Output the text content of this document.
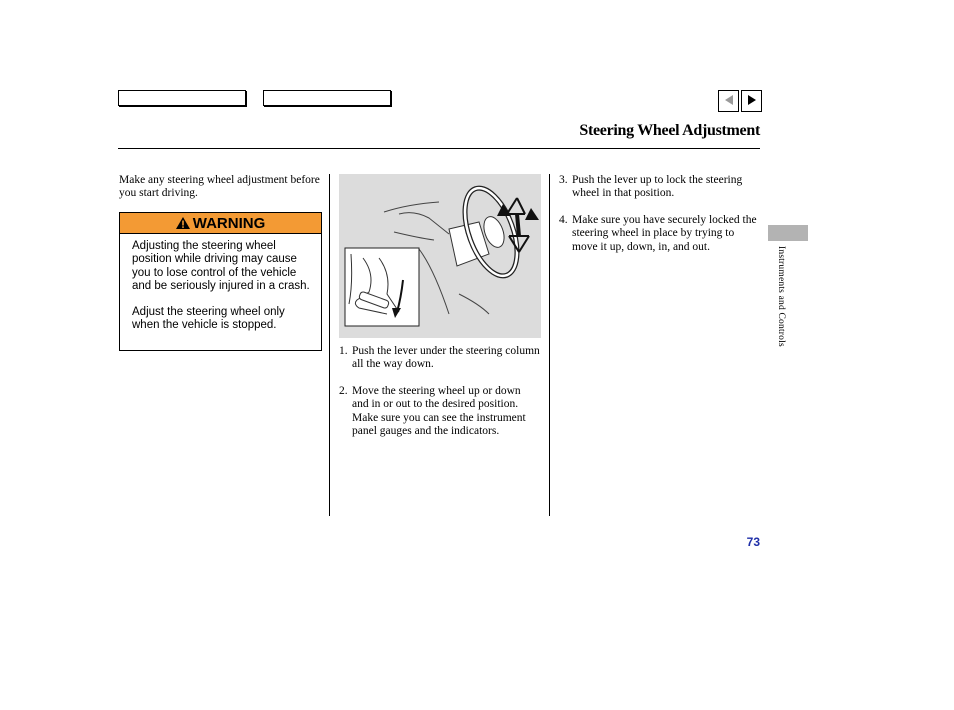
Steering Wheel Adjustment
Make any steering wheel adjustment before you start driving.
WARNING

Adjusting the steering wheel position while driving may cause you to lose control of the vehicle and be seriously injured in a crash.

Adjust the steering wheel only when the vehicle is stopped.

1. Push the lever under the steering column all the way down.
2. Move the steering wheel up or down and in or out to the desired position. Make sure you can see the instrument panel gauges and the indicators.
3. Push the lever up to lock the steering wheel in that position.
4. Make sure you have securely locked the steering wheel in place by trying to move it up, down, in, and out.	Instruments and Controls
73
